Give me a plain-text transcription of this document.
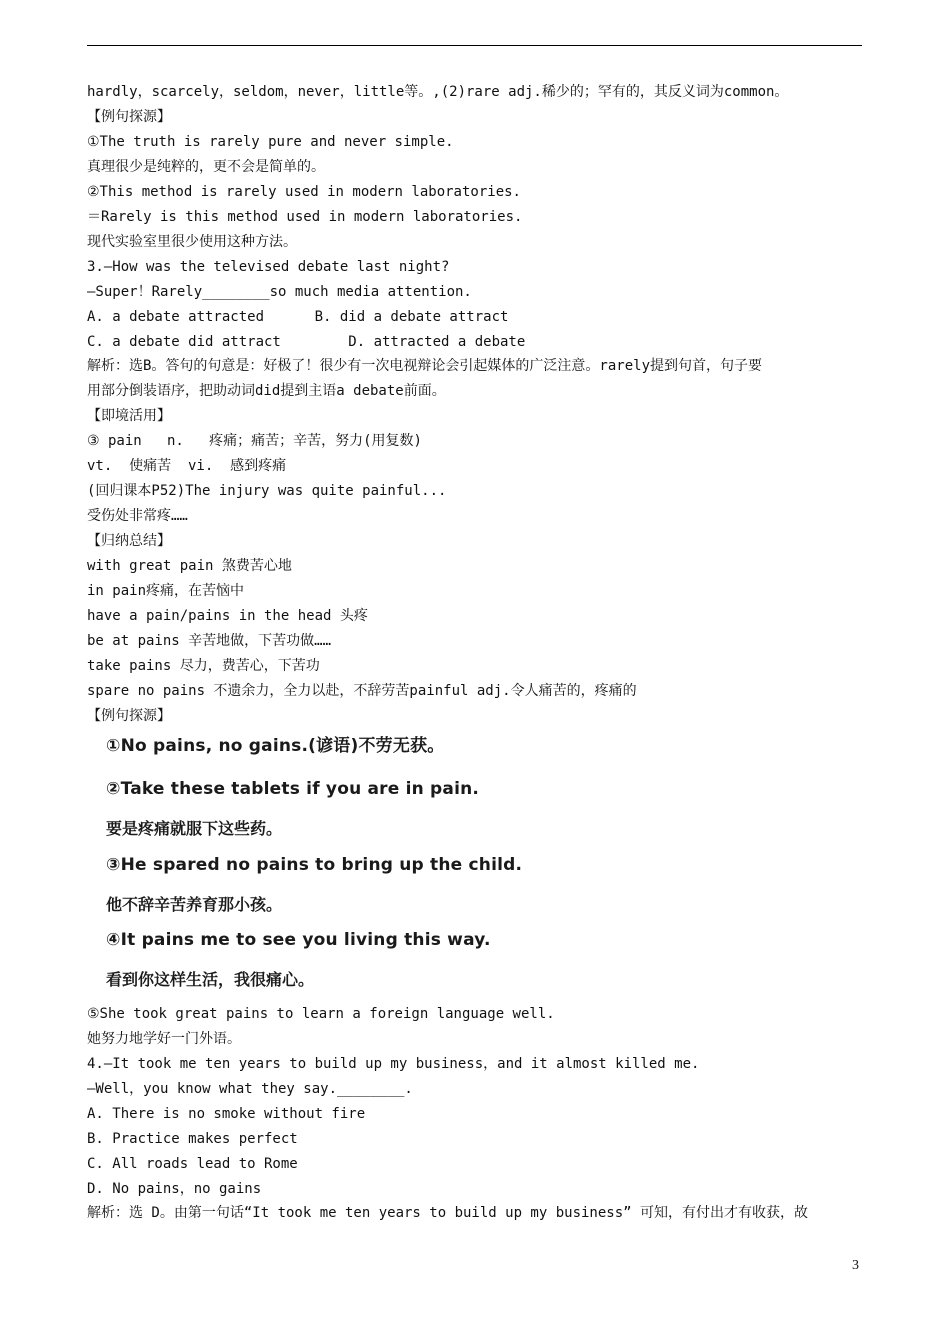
hardly，scarcely，seldom，never，little等。,(2)rare adj.稀少的；罕有的，其反义词为common。
【例句探源】
①The truth is rarely pure and never simple.
真理很少是纯粹的，更不会是简单的。
②This method is rarely used in modern laboratories.
＝Rarely is this method used in modern laboratories.
现代实验室里很少使用这种方法。
3.—How was the televised debate last night?
—Super！Rarely________so much media attention.
A. a debate attracted      B. did a debate attract
C. a debate did attract        D. attracted a debate
解析：选B。答句的句意是：好极了！很少有一次电视辩论会引起媒体的广泛注意。rarely提到句首，句子要
用部分倒装语序，把助动词did提到主语a debate前面。
【即境活用】
③ pain   n.   疼痛；痛苦；辛苦，努力(用复数)
vt.  使痛苦  vi.  感到疼痛
(回归课本P52)The injury was quite painful...
受伤处非常疼……
【归纳总结】
with great pain 煞费苦心地
in pain疼痛，在苦恼中
have a pain/pains in the head 头疼
be at pains 辛苦地做，下苦功做……
take pains 尽力，费苦心，下苦功
spare no pains 不遗余力，全力以赴，不辞劳苦painful adj.令人痛苦的，疼痛的
【例句探源】
①No pains, no gains.(谚语)不劳无获。
②Take these tablets if you are in pain.
要是疼痛就服下这些药。
③He spared no pains to bring up the child.
他不辞辛苦养育那小孩。
④It pains me to see you living this way.
看到你这样生活，我很痛心。
⑤She took great pains to learn a foreign language well.
她努力地学好一门外语。
4.—It took me ten years to build up my business，and it almost killed me.
—Well，you know what they say.________.
A. There is no smoke without fire
B. Practice makes perfect
C. All roads lead to Rome
D. No pains，no gains
解析：选 D。由第一句话“It took me ten years to build up my business” 可知，有付出才有收获，故
3
